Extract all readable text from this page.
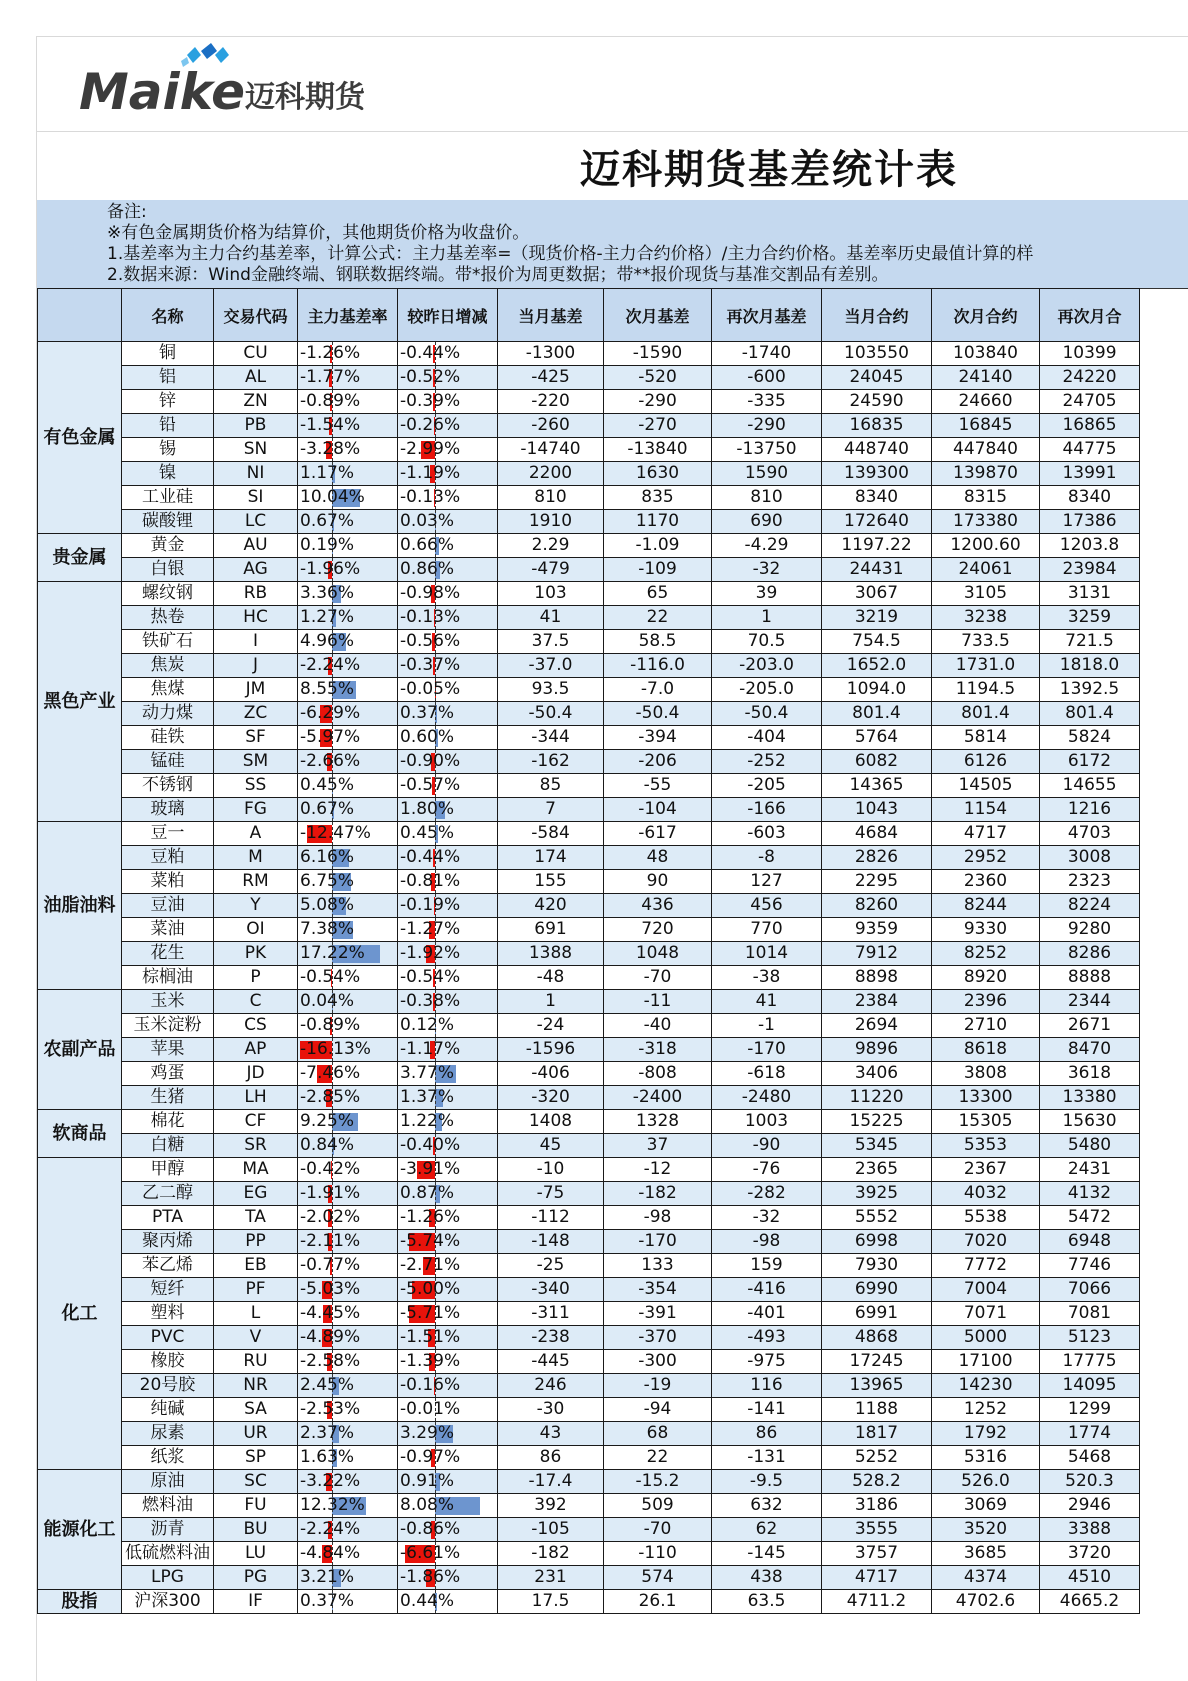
Maike 迈科期货
迈科期货基差统计表
备注:
※有色金属期货价格为结算价，其他期货价格为收盘价。
1.基差率为主力合约基差率，计算公式：主力基差率=（现货价格-主力合约价格）/主力合约价格。基差率历史最值计算的样
2.数据来源：Wind金融终端、钢联数据终端。带*报价为周更数据；带**报价现货与基准交割品有差别。
	名称	交易代码	主力基差率	较昨日增减	当月基差	次月基差	再次月基差	当月合约	次月合约	再次月合
有色金属	铜	CU	-1.26%	-0.44%	-1300	-1590	-1740	103550	103840	10399
	铝	AL	-1.77%	-0.52%	-425	-520	-600	24045	24140	24220
	锌	ZN	-0.89%	-0.39%	-220	-290	-335	24590	24660	24705
	铅	PB	-1.54%	-0.26%	-260	-270	-290	16835	16845	16865
	锡	SN	-3.28%	-2.99%	-14740	-13840	-13750	448740	447840	44775
	镍	NI	1.17%	-1.19%	2200	1630	1590	139300	139870	13991
	工业硅	SI	10.04%	-0.13%	810	835	810	8340	8315	8340
	碳酸锂	LC	0.67%	0.03%	1910	1170	690	172640	173380	17386
贵金属	黄金	AU	0.19%	0.66%	2.29	-1.09	-4.29	1197.22	1200.60	1203.8
	白银	AG	-1.96%	0.86%	-479	-109	-32	24431	24061	23984
黑色产业	螺纹钢	RB	3.36%	-0.98%	103	65	39	3067	3105	3131
	热卷	HC	1.27%	-0.13%	41	22	1	3219	3238	3259
	铁矿石	I	4.96%	-0.56%	37.5	58.5	70.5	754.5	733.5	721.5
	焦炭	J	-2.24%	-0.37%	-37.0	-116.0	-203.0	1652.0	1731.0	1818.0
	焦煤	JM	8.55%	-0.05%	93.5	-7.0	-205.0	1094.0	1194.5	1392.5
	动力煤	ZC	-6.29%	0.37%	-50.4	-50.4	-50.4	801.4	801.4	801.4
	硅铁	SF	-5.97%	0.60%	-344	-394	-404	5764	5814	5824
	锰硅	SM	-2.66%	-0.90%	-162	-206	-252	6082	6126	6172
	不锈钢	SS	0.45%	-0.57%	85	-55	-205	14365	14505	14655
	玻璃	FG	0.67%	1.80%	7	-104	-166	1043	1154	1216
油脂油料	豆一	A	-12.47%	0.45%	-584	-617	-603	4684	4717	4703
	豆粕	M	6.16%	-0.44%	174	48	-8	2826	2952	3008
	菜粕	RM	6.75%	-0.81%	155	90	127	2295	2360	2323
	豆油	Y	5.08%	-0.19%	420	436	456	8260	8244	8224
	菜油	OI	7.38%	-1.27%	691	720	770	9359	9330	9280
	花生	PK	17.22%	-1.92%	1388	1048	1014	7912	8252	8286
	棕榈油	P	-0.54%	-0.54%	-48	-70	-38	8898	8920	8888
农副产品	玉米	C	0.04%	-0.38%	1	-11	41	2384	2396	2344
	玉米淀粉	CS	-0.89%	0.12%	-24	-40	-1	2694	2710	2671
	苹果	AP	-16.13%	-1.17%	-1596	-318	-170	9896	8618	8470
	鸡蛋	JD	-7.46%	3.77%	-406	-808	-618	3406	3808	3618
	生猪	LH	-2.85%	1.37%	-320	-2400	-2480	11220	13300	13380
软商品	棉花	CF	9.25%	1.22%	1408	1328	1003	15225	15305	15630
	白糖	SR	0.84%	-0.40%	45	37	-90	5345	5353	5480
化工	甲醇	MA	-0.42%	-3.91%	-10	-12	-76	2365	2367	2431
	乙二醇	EG	-1.91%	0.87%	-75	-182	-282	3925	4032	4132
	PTA	TA	-2.02%	-1.26%	-112	-98	-32	5552	5538	5472
	聚丙烯	PP	-2.11%	-5.74%	-148	-170	-98	6998	7020	6948
	苯乙烯	EB	-0.77%	-2.71%	-25	133	159	7930	7772	7746
	短纤	PF	-5.03%	-5.00%	-340	-354	-416	6990	7004	7066
	塑料	L	-4.45%	-5.71%	-311	-391	-401	6991	7071	7081
	PVC	V	-4.89%	-1.51%	-238	-370	-493	4868	5000	5123
	橡胶	RU	-2.58%	-1.39%	-445	-300	-975	17245	17100	17775
	20号胶	NR	2.45%	-0.16%	246	-19	116	13965	14230	14095
	纯碱	SA	-2.53%	-0.01%	-30	-94	-141	1188	1252	1299
	尿素	UR	2.37%	3.29%	43	68	86	1817	1792	1774
	纸浆	SP	1.63%	-0.97%	86	22	-131	5252	5316	5468
能源化工	原油	SC	-3.22%	0.91%	-17.4	-15.2	-9.5	528.2	526.0	520.3
	燃料油	FU	12.32%	8.08%	392	509	632	3186	3069	2946
	沥青	BU	-2.24%	-0.86%	-105	-70	62	3555	3520	3388
	低硫燃料油	LU	-4.84%	-6.61%	-182	-110	-145	3757	3685	3720
	LPG	PG	3.21%	-1.86%	231	574	438	4717	4374	4510
股指	沪深300	IF	0.37%	0.44%	17.5	26.1	63.5	4711.2	4702.6	4665.2
